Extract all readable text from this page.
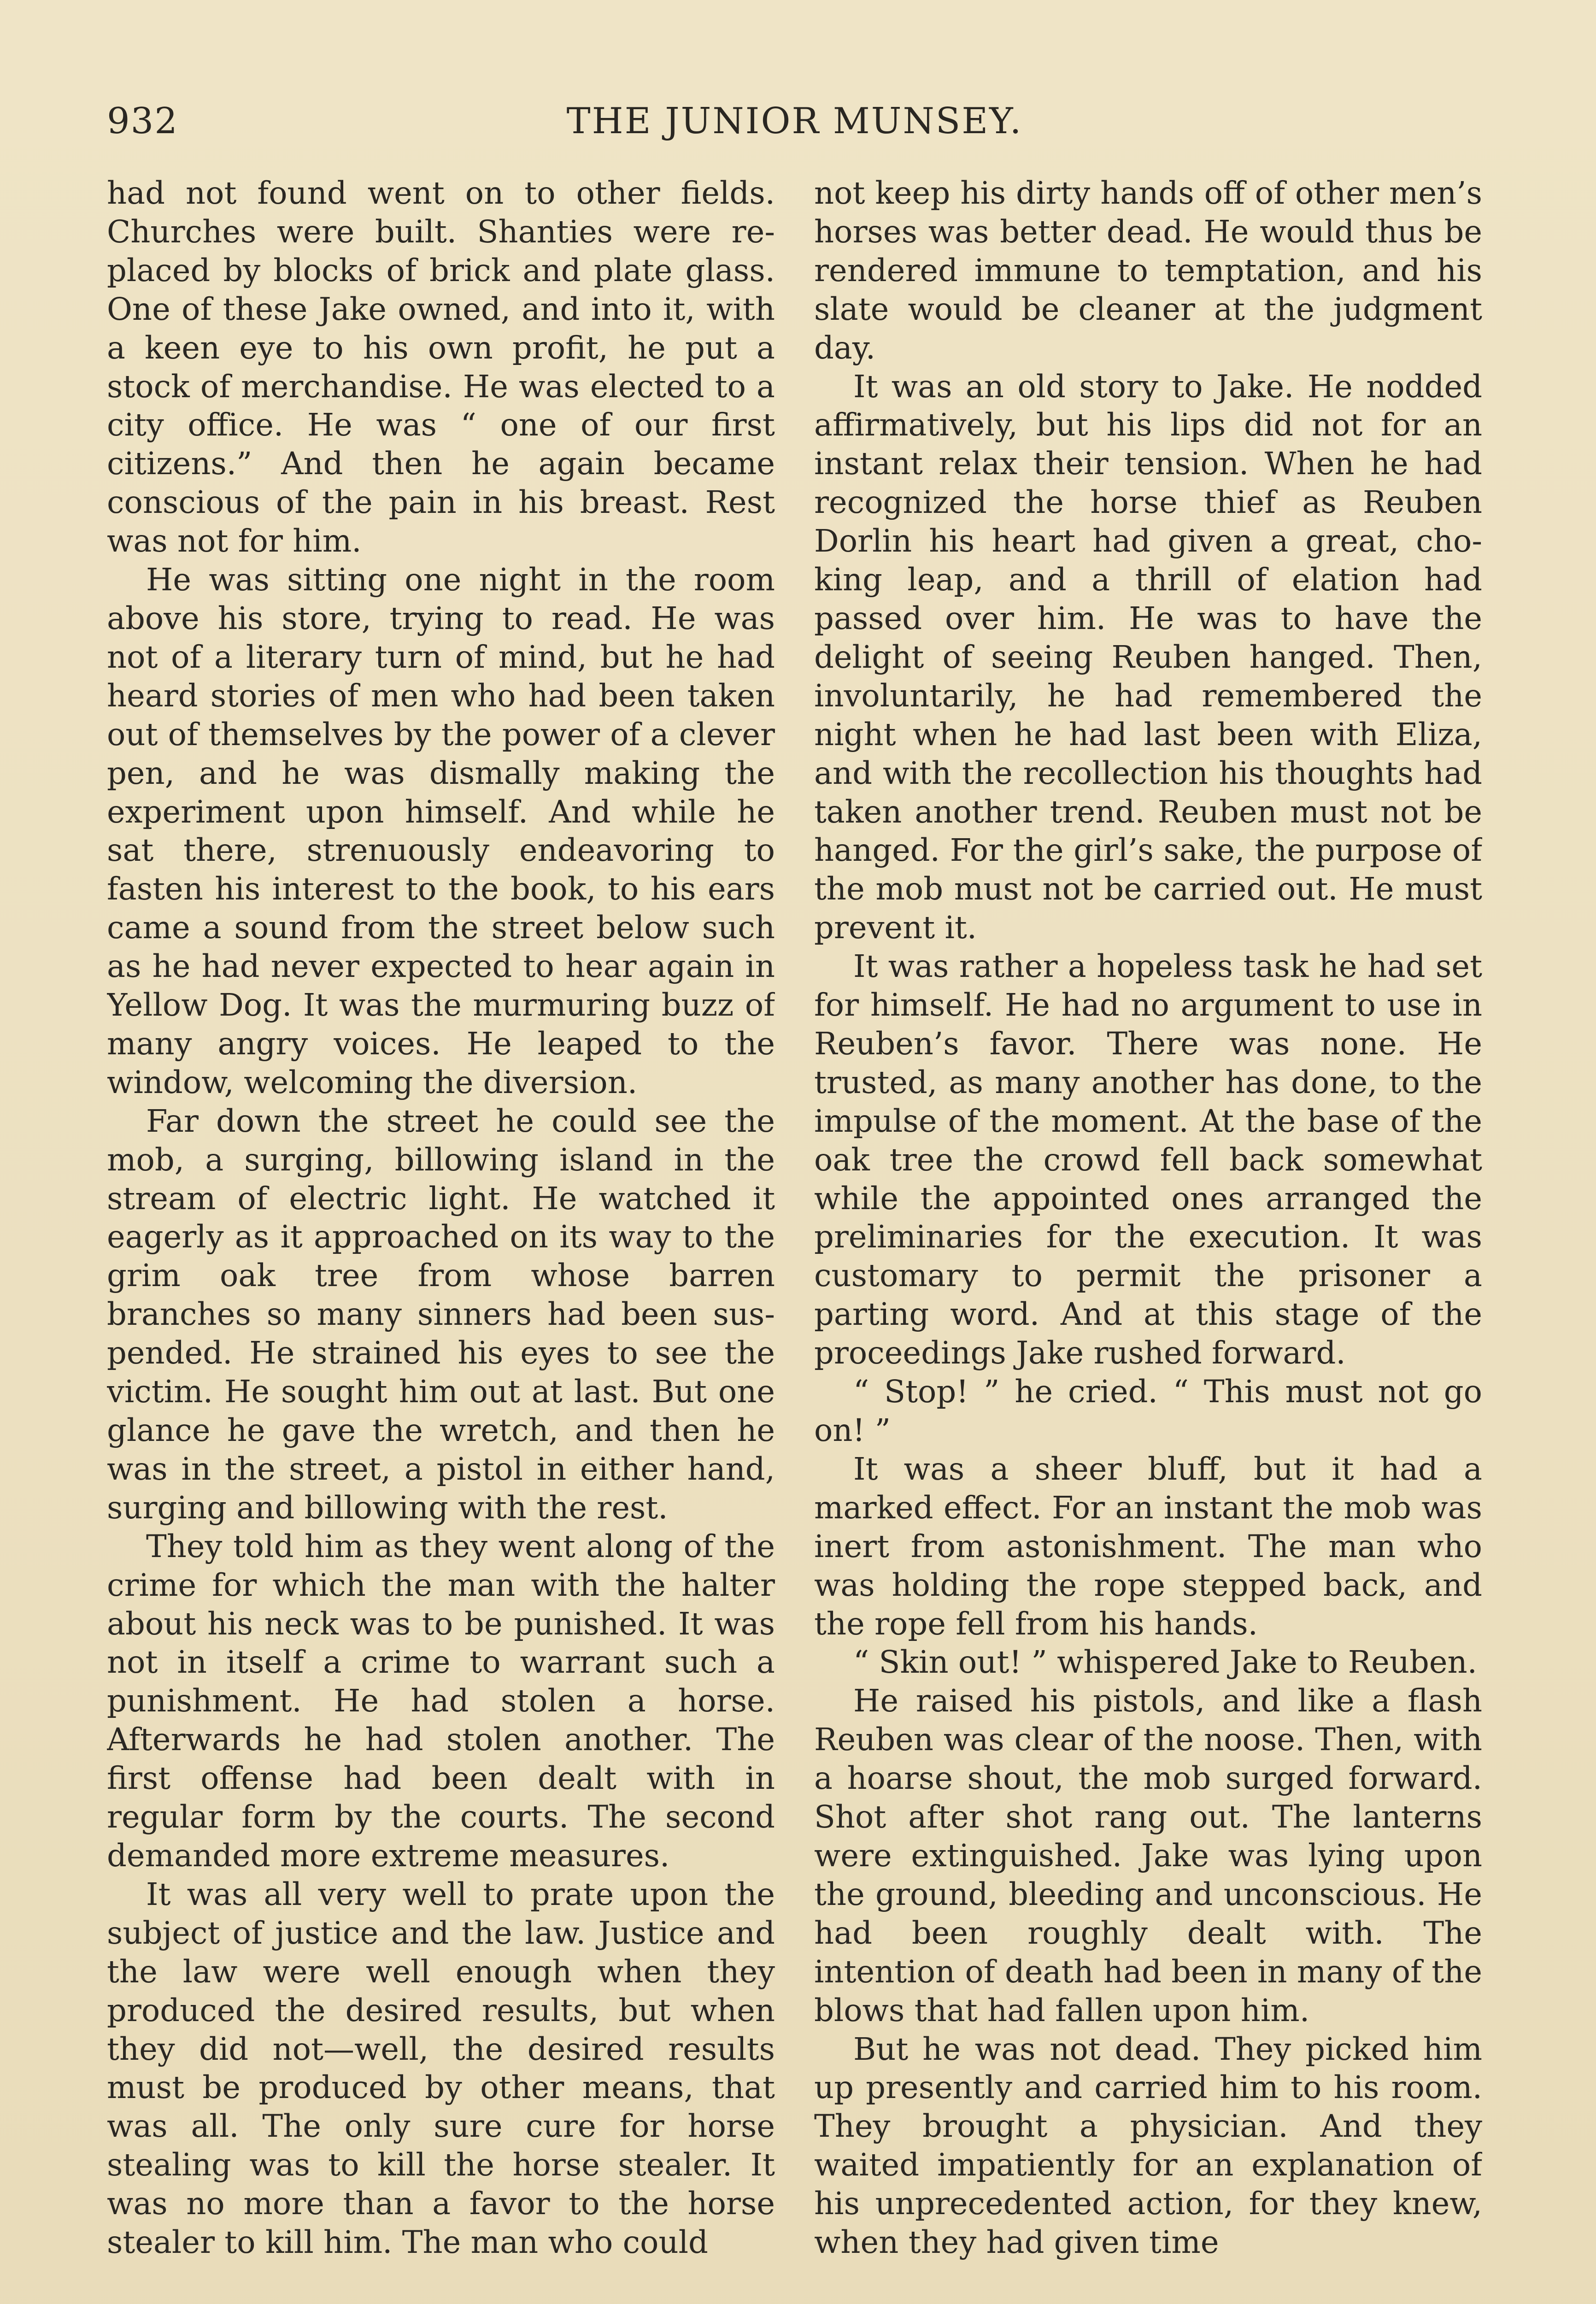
932	THE JUNIOR MUNSEY.

had not found went on to other fields. Churches were built. Shanties were replaced by blocks of brick and plate glass. One of these Jake owned, and into it, with a keen eye to his own profit, he put a stock of merchandise. He was elected to a city office. He was “ one of our first citizens.” And then he again became conscious of the pain in his breast. Rest was not for him.

He was sitting one night in the room above his store, trying to read. He was not of a literary turn of mind, but he had heard stories of men who had been taken out of themselves by the power of a clever pen, and he was dismally making the experiment upon himself. And while he sat there, strenuously endeavoring to fasten his interest to the book, to his ears came a sound from the street below such as he had never expected to hear again in Yellow Dog. It was the murmuring buzz of many angry voices. He leaped to the window, welcoming the diversion.

Far down the street he could see the mob, a surging, billowing island in the stream of electric light. He watched it eagerly as it approached on its way to the grim oak tree from whose barren branches so many sinners had been suspended. He strained his eyes to see the victim. He sought him out at last. But one glance he gave the wretch, and then he was in the street, a pistol in either hand, surging and billowing with the rest.

They told him as they went along of the crime for which the man with the halter about his neck was to be punished. It was not in itself a crime to warrant such a punishment. He had stolen a horse. Afterwards he had stolen another. The first offense had been dealt with in regular form by the courts. The second demanded more extreme measures.

It was all very well to prate upon the subject of justice and the law. Justice and the law were well enough when they produced the desired results, but when they did not—well, the desired results must be produced by other means, that was all. The only sure cure for horse stealing was to kill the horse stealer. It was no more than a favor to the horse stealer to kill him. The man who could

not keep his dirty hands off of other men’s horses was better dead. He would thus be rendered immune to temptation, and his slate would be cleaner at the judgment day.

It was an old story to Jake. He nodded affirmatively, but his lips did not for an instant relax their tension. When he had recognized the horse thief as Reuben Dorlin his heart had given a great, choking leap, and a thrill of elation had passed over him. He was to have the delight of seeing Reuben hanged. Then, involuntarily, he had remembered the night when he had last been with Eliza, and with the recollection his thoughts had taken another trend. Reuben must not be hanged. For the girl’s sake, the purpose of the mob must not be carried out. He must prevent it.

It was rather a hopeless task he had set for himself. He had no argument to use in Reuben’s favor. There was none. He trusted, as many another has done, to the impulse of the moment. At the base of the oak tree the crowd fell back somewhat while the appointed ones arranged the preliminaries for the execution. It was customary to permit the prisoner a parting word. And at this stage of the proceedings Jake rushed forward.

“ Stop! ” he cried. “ This must not go on! ”

It was a sheer bluff, but it had a marked effect. For an instant the mob was inert from astonishment. The man who was holding the rope stepped back, and the rope fell from his hands.

“ Skin out! ” whispered Jake to Reuben.

He raised his pistols, and like a flash Reuben was clear of the noose. Then, with a hoarse shout, the mob surged forward. Shot after shot rang out. The lanterns were extinguished. Jake was lying upon the ground, bleeding and unconscious. He had been roughly dealt with. The intention of death had been in many of the blows that had fallen upon him.

But he was not dead. They picked him up presently and carried him to his room. They brought a physician. And they waited impatiently for an explanation of his unprecedented action, for they knew, when they had given time
